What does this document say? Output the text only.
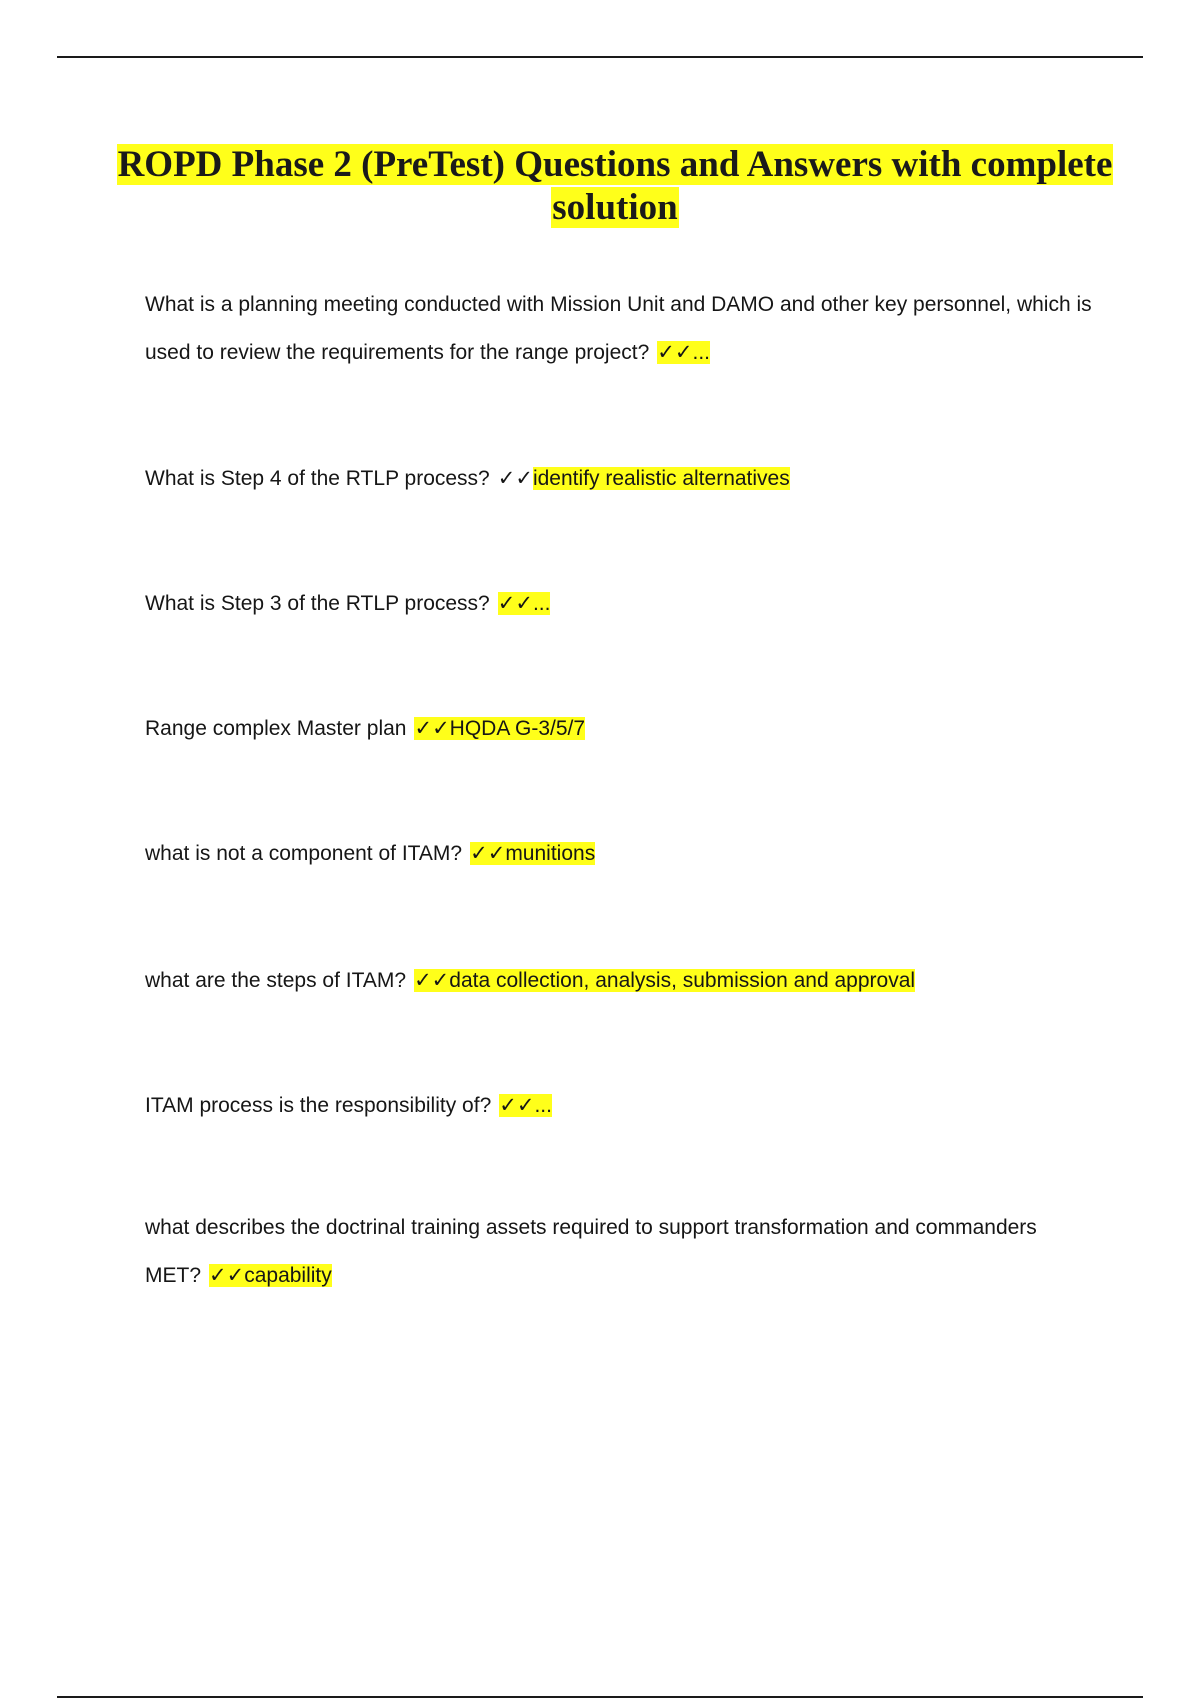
ROPD Phase 2 (PreTest) Questions and Answers with complete solution
What is a planning meeting conducted with Mission Unit and DAMO and other key personnel, which is used to review the requirements for the range project? ✓✓...
What is Step 4 of the RTLP process? ✓✓identify realistic alternatives
What is Step 3 of the RTLP process? ✓✓...
Range complex Master plan ✓✓HQDA G-3/5/7
what is not a component of ITAM? ✓✓munitions
what are the steps of ITAM? ✓✓data collection, analysis, submission and approval
ITAM process is the responsibility of? ✓✓...
what describes the doctrinal training assets required to support transformation and commanders MET? ✓✓capability
